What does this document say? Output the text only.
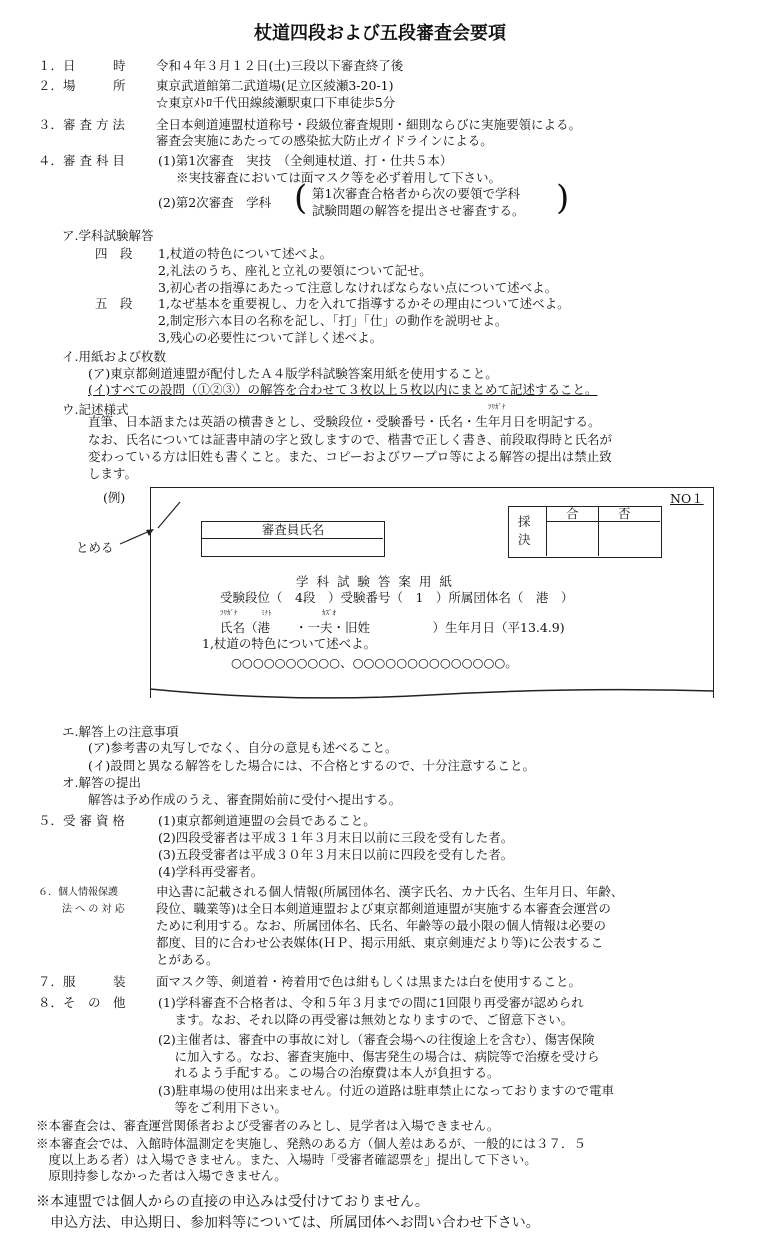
杖道四段および五段審査会要項
１．日　　　時 令和４年３月１２日(土)三段以下審査終了後
２．場　　　所 東京武道館第二武道場(足立区綾瀬3-20-1)
☆東京ﾒﾄﾛ千代田線綾瀬駅東口下車徒歩5分
３．審 査 方 法 全日本剣道連盟杖道称号・段級位審査規則・細則ならびに実施要領による。
審査会実施にあたっての感染拡大防止ガイドラインによる。
４．審 査 科 目	(1)第1次審査　実技　（全剣連杖道、打・仕共５本）
※実技審査においては面マスク等を必ず着用して下さい。
(2)第2次審査　学科 ( 第1次審査合格者から次の要領で学科
試験問題の解答を提出させ審査する。 )
ア.学科試験解答
四　段 1,杖道の特色について述べよ。
2,礼法のうち、座礼と立礼の要領について記せ。
3,初心者の指導にあたって注意しなければならない点について述べよ。
五　段 1,なぜ基本を重要視し、力を入れて指導するかその理由について述べよ。
2,制定形六本目の名称を記し、「打」「仕」の動作を説明せよ。
3,残心の必要性について詳しく述べよ。
イ.用紙および枚数
(ア)東京都剣道連盟が配付したＡ４版学科試験答案用紙を使用すること。
(イ)すべての設問（①②③）の解答を合わせて３枚以上５枚以内にまとめて記述すること。
ウ.記述様式	ﾌﾘｶﾞﾅ
直筆、日本語または英語の横書きとし、受験段位・受験番号・氏名・生年月日を明記する。
なお、氏名については証書申請の字と致しますので、楷書で正しく書き、前段取得時と氏名が
変わっている方は旧姓も書くこと。また、コピーおよびワープロ等による解答の提出は禁止致
します。
(例)
とめる
NO１
審査員氏名
採
決
合	否
学 科 試 験 答 案 用 紙
受験段位（　4段　）受験番号（　1　）所属団体名（　港　）
ﾌﾘｶﾞﾅ	ﾐﾅﾄ	ｶｽﾞｵ
氏名（港　　・一夫・旧姓　　　　　）生年月日（平13.4.9)
1,杖道の特色について述べよ。
○○○○○○○○○○、○○○○○○○○○○○○○○。
エ.解答上の注意事項
(ア)参考書の丸写しでなく、自分の意見も述べること。
(イ)設問と異なる解答をした場合には、不合格とするので、十分注意すること。
オ.解答の提出
解答は予め作成のうえ、審査開始前に受付へ提出する。
５．受 審 資 格	(1)東京都剣道連盟の会員であること。
(2)四段受審者は平成３１年３月末日以前に三段を受有した者。
(3)五段受審者は平成３０年３月末日以前に四段を受有した者。
(4)学科再受審者。
６．個人情報保護
法 へ の 対 応
申込書に記載される個人情報(所属団体名、漢字氏名、カナ氏名、生年月日、年齢、
段位、職業等)は全日本剣道連盟および東京都剣道連盟が実施する本審査会運営の
ために利用する。なお、所属団体名、氏名、年齢等の最小限の個人情報は必要の
都度、目的に合わせ公表媒体(ＨＰ、掲示用紙、東京剣連だより等)に公表するこ
とがある。
７．服　　　装 面マスク等、剣道着・袴着用で色は紺もしくは黒または白を使用すること。
８．そ　の　他	(1)学科審査不合格者は、令和５年３月までの間に1回限り再受審が認められ
　 ます。なお、それ以降の再受審は無効となりますので、ご留意下さい。
(2)主催者は、審査中の事故に対し（審査会場への往復途上を含む）、傷害保険
　 に加入する。なお、審査実施中、傷害発生の場合は、病院等で治療を受けら
　 れるよう手配する。この場合の治療費は本人が負担する。
(3)駐車場の使用は出来ません。付近の道路は駐車禁止になっておりますので電車
　 等をご利用下さい。
※本審査会は、審査運営関係者および受審者のみとし、見学者は入場できません。
※本審査会では、入館時体温測定を実施し、発熱のある方（個人差はあるが、一般的には３７．５
　度以上ある者）は入場できません。また、入場時「受審者確認票を」提出して下さい。
　原則持参しなかった者は入場できません。
※本連盟では個人からの直接の申込みは受付けておりません。
　申込方法、申込期日、参加料等については、所属団体へお問い合わせ下さい。
